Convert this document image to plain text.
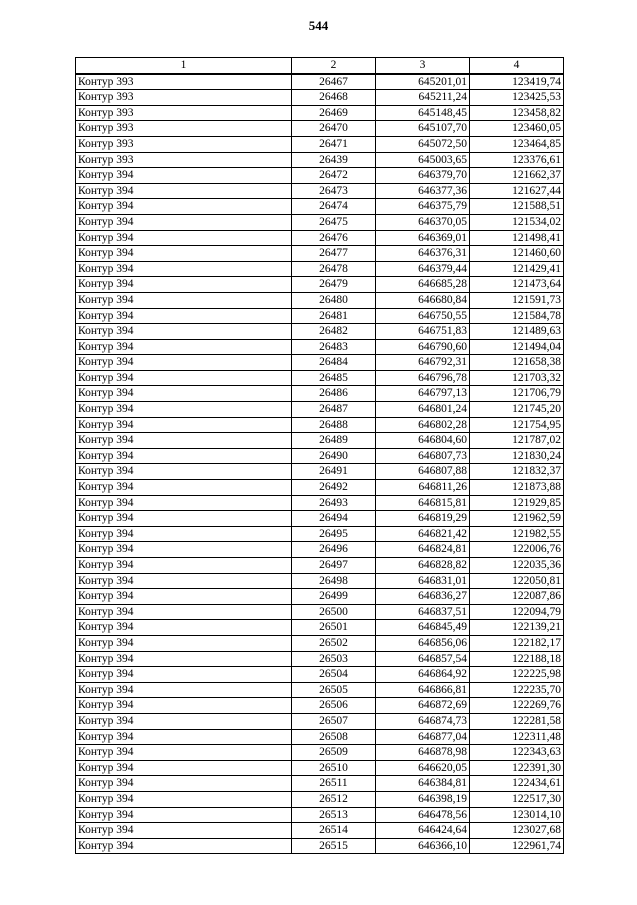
544
1	2	3	4
Контур 393	26467	645201,01	123419,74
Контур 393	26468	645211,24	123425,53
Контур 393	26469	645148,45	123458,82
Контур 393	26470	645107,70	123460,05
Контур 393	26471	645072,50	123464,85
Контур 393	26439	645003,65	123376,61
Контур 394	26472	646379,70	121662,37
Контур 394	26473	646377,36	121627,44
Контур 394	26474	646375,79	121588,51
Контур 394	26475	646370,05	121534,02
Контур 394	26476	646369,01	121498,41
Контур 394	26477	646376,31	121460,60
Контур 394	26478	646379,44	121429,41
Контур 394	26479	646685,28	121473,64
Контур 394	26480	646680,84	121591,73
Контур 394	26481	646750,55	121584,78
Контур 394	26482	646751,83	121489,63
Контур 394	26483	646790,60	121494,04
Контур 394	26484	646792,31	121658,38
Контур 394	26485	646796,78	121703,32
Контур 394	26486	646797,13	121706,79
Контур 394	26487	646801,24	121745,20
Контур 394	26488	646802,28	121754,95
Контур 394	26489	646804,60	121787,02
Контур 394	26490	646807,73	121830,24
Контур 394	26491	646807,88	121832,37
Контур 394	26492	646811,26	121873,88
Контур 394	26493	646815,81	121929,85
Контур 394	26494	646819,29	121962,59
Контур 394	26495	646821,42	121982,55
Контур 394	26496	646824,81	122006,76
Контур 394	26497	646828,82	122035,36
Контур 394	26498	646831,01	122050,81
Контур 394	26499	646836,27	122087,86
Контур 394	26500	646837,51	122094,79
Контур 394	26501	646845,49	122139,21
Контур 394	26502	646856,06	122182,17
Контур 394	26503	646857,54	122188,18
Контур 394	26504	646864,92	122225,98
Контур 394	26505	646866,81	122235,70
Контур 394	26506	646872,69	122269,76
Контур 394	26507	646874,73	122281,58
Контур 394	26508	646877,04	122311,48
Контур 394	26509	646878,98	122343,63
Контур 394	26510	646620,05	122391,30
Контур 394	26511	646384,81	122434,61
Контур 394	26512	646398,19	122517,30
Контур 394	26513	646478,56	123014,10
Контур 394	26514	646424,64	123027,68
Контур 394	26515	646366,10	122961,74
